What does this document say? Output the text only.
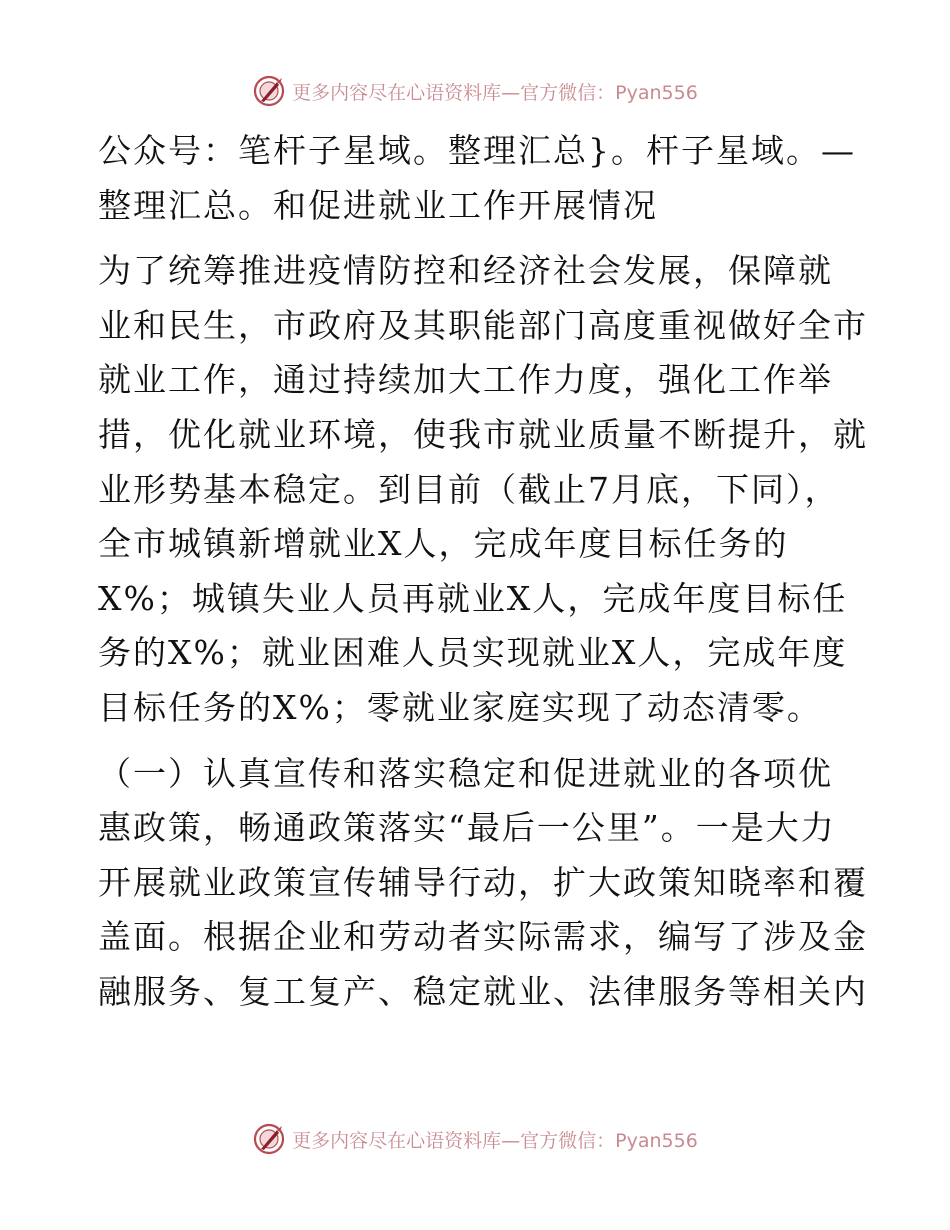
更多内容尽在心语资料库—官方微信：Pyan556

公众号：笔杆子星域。整理汇总}。杆子星域。—
整理汇总。和促进就业工作开展情况

为了统筹推进疫情防控和经济社会发展，保障就
业和民生，市政府及其职能部门高度重视做好全市
就业工作，通过持续加大工作力度，强化工作举
措，优化就业环境，使我市就业质量不断提升，就
业形势基本稳定。到目前（截止7月底，下同），
全市城镇新增就业X人，完成年度目标任务的
X%；城镇失业人员再就业X人，完成年度目标任
务的X%；就业困难人员实现就业X人，完成年度
目标任务的X%；零就业家庭实现了动态清零。

（一）认真宣传和落实稳定和促进就业的各项优
惠政策，畅通政策落实“最后一公里”。一是大力
开展就业政策宣传辅导行动，扩大政策知晓率和覆
盖面。根据企业和劳动者实际需求，编写了涉及金
融服务、复工复产、稳定就业、法律服务等相关内

更多内容尽在心语资料库—官方微信：Pyan556
